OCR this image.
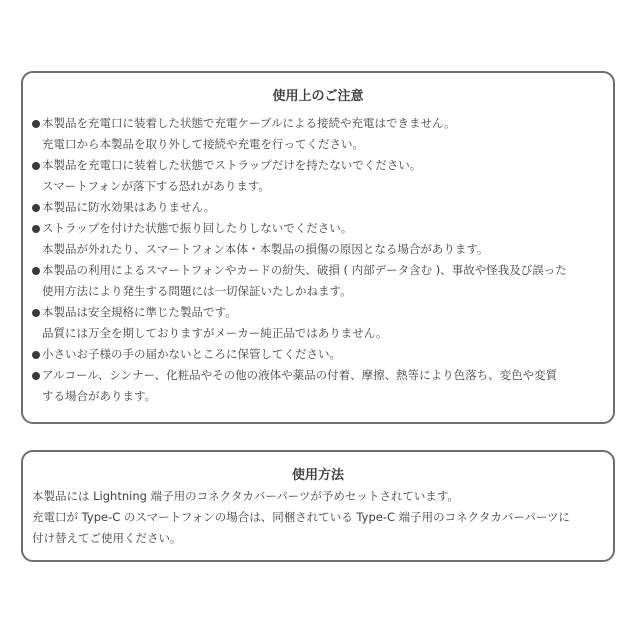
使用上のご注意
本製品を充電口に装着した状態で充電ケーブルによる接続や充電はできません。
充電口から本製品を取り外して接続や充電を行ってください。
本製品を充電口に装着した状態でストラップだけを持たないでください。
スマートフォンが落下する恐れがあります。
本製品に防水効果はありません。
ストラップを付けた状態で振り回したりしないでください。
本製品が外れたり、スマートフォン本体・本製品の損傷の原因となる場合があります。
本製品の利用によるスマートフォンやカードの紛失、破損 ( 内部データ含む )、事故や怪我及び誤った
使用方法により発生する問題には一切保証いたしかねます。
本製品は安全規格に準じた製品です。
品質には万全を期しておりますがメーカー純正品ではありません。
小さいお子様の手の届かないところに保管してください。
アルコール、シンナー、化粧品やその他の液体や薬品の付着、摩擦、熱等により色落ち、変色や変質
する場合があります。
使用方法
本製品には Lightning 端子用のコネクタカバーパーツが予めセットされています。
充電口が Type-C のスマートフォンの場合は、同梱されている Type-C 端子用のコネクタカバーパーツに
付け替えてご使用ください。
